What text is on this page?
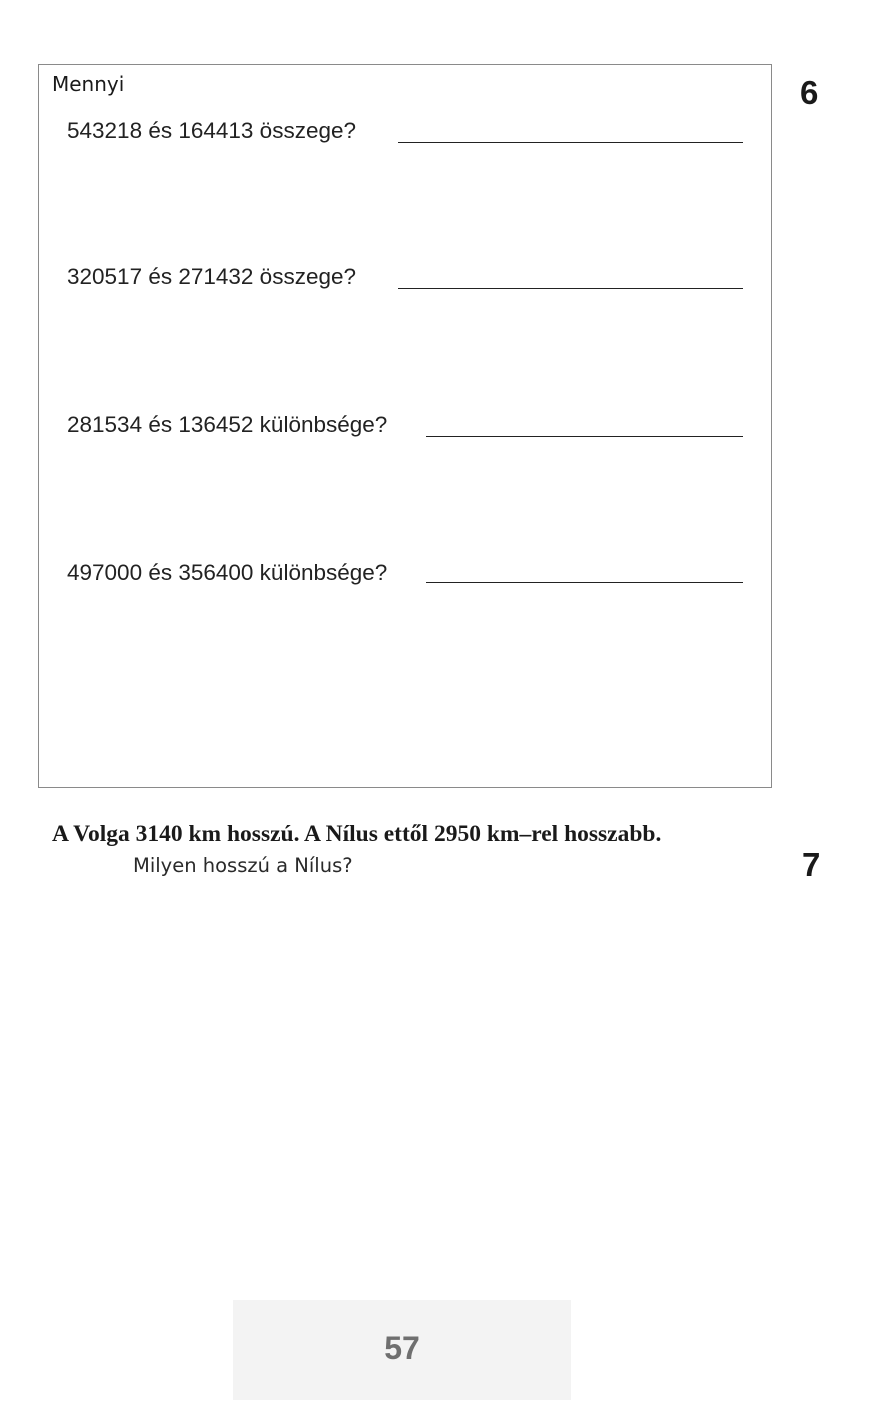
Mennyi
543218 és 164413 összege?
320517 és 271432 összege?
281534 és 136452 különbsége?
497000 és 356400 különbsége?
6
A Volga 3140 km hosszú. A Nílus ettől 2950 km–rel hosszabb.
Milyen hosszú a Nílus?	7
57
